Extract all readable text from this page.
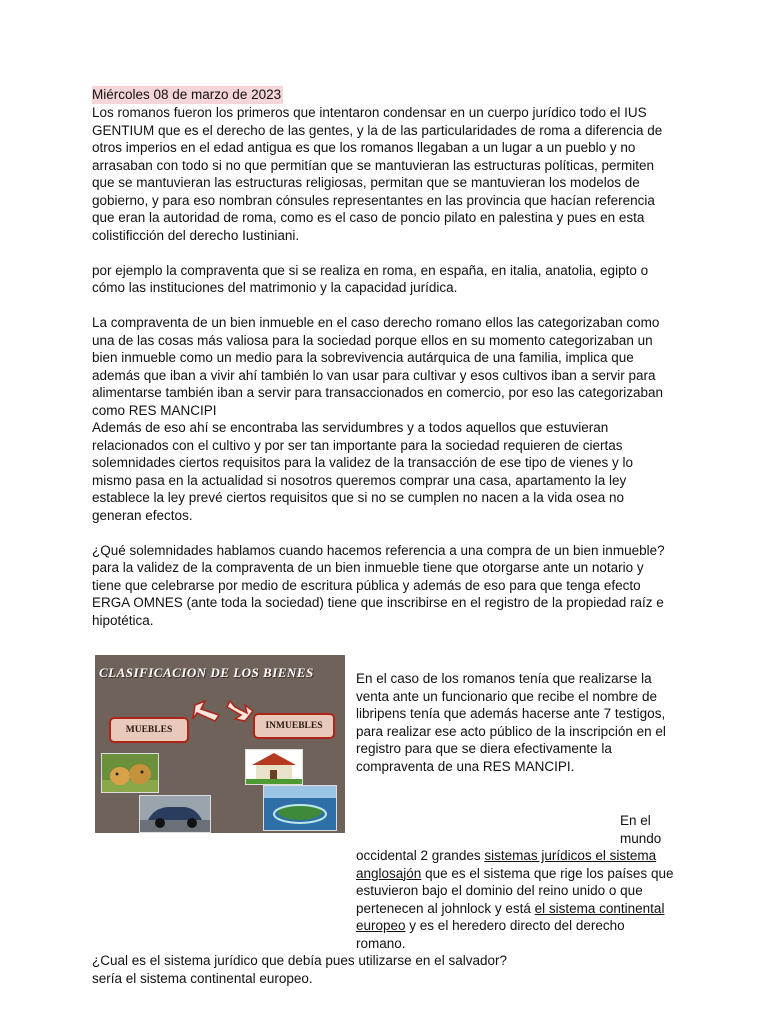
Miércoles 08 de marzo de 2023

Los romanos fueron los primeros que intentaron condensar en un cuerpo jurídico todo el IUS GENTIUM que es el derecho de las gentes, y la de las particularidades de roma a diferencia de otros imperios en el edad antigua es que los romanos llegaban a un lugar a un pueblo y no arrasaban con todo si no que permitían que se mantuvieran las estructuras políticas, permiten que se mantuvieran las estructuras religiosas, permitan que se mantuvieran los modelos de gobierno, y para eso nombran cónsules representantes en las provincia que hacían referencia que eran la autoridad de roma, como es el caso de poncio pilato en palestina y pues en esta colistificción del derecho Iustiniani.

por ejemplo la compraventa que si se realiza en roma, en españa, en italia, anatolia, egipto o cómo las instituciones del matrimonio y la capacidad jurídica.

La compraventa de un bien inmueble en el caso derecho romano ellos las categorizaban como una de las cosas más valiosa para la sociedad porque ellos en su momento categorizaban un bien inmueble como un medio para la sobrevivencia autárquica de una familia, implica que además que iban a vivir ahí también lo van usar para cultivar y esos cultivos iban a servir para alimentarse también iban a servir para transaccionados en comercio, por eso las categorizaban como RES MANCIPI

Además de eso ahí se encontraba las servidumbres y a todos aquellos que estuvieran relacionados con el cultivo y por ser tan importante para la sociedad requieren de ciertas solemnidades ciertos requisitos para la validez de la transacción de ese tipo de vienes y lo mismo pasa en la actualidad si nosotros queremos comprar una casa, apartamento la ley establece la ley prevé ciertos requisitos que si no se cumplen no nacen a la vida osea no generan efectos.

¿Qué solemnidades hablamos cuando hacemos referencia a una compra de un bien inmueble? para la validez de la compraventa de un bien inmueble tiene que otorgarse ante un notario y tiene que celebrarse por medio de escritura pública y además de eso para que tenga efecto ERGA OMNES (ante toda la sociedad) tiene que inscribirse en el registro de la propiedad raíz e hipotética.

CLASIFICACION DE LOS BIENES
MUEBLES	INMUEBLES

En el caso de los romanos tenía que realizarse la venta ante un funcionario que recibe el nombre de libripens tenía que además hacerse ante 7 testigos, para realizar ese acto público de la inscripción en el registro para que se diera efectivamente la compraventa de una RES MANCIPI.

En el mundo occidental 2 grandes sistemas jurídicos el sistema anglosajón que es el sistema que rige los países que estuvieron bajo el dominio del reino unido o que pertenecen al johnlock y está el sistema continental europeo y es el heredero directo del derecho romano.

¿Cual es el sistema jurídico que debía pues utilizarse en el salvador?

sería el sistema continental europeo.
